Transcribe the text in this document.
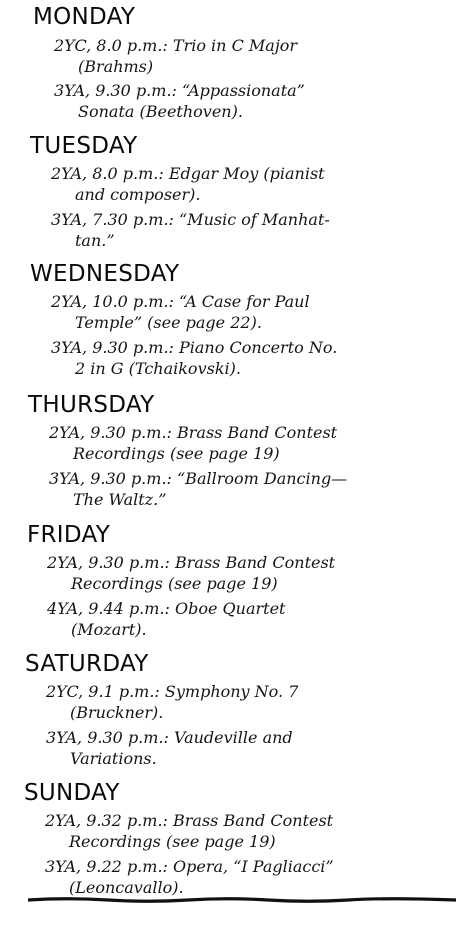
MONDAY
2YC, 8.0 p.m.: Trio in C Major
(Brahms)
3YA, 9.30 p.m.: “Appassionata”
Sonata (Beethoven).
TUESDAY
2YA, 8.0 p.m.: Edgar Moy (pianist
and composer).
3YA, 7.30 p.m.: “Music of Manhat-
tan.”
WEDNESDAY
2YA, 10.0 p.m.: “A Case for Paul
Temple” (see page 22).
3YA, 9.30 p.m.: Piano Concerto No.
2 in G (Tchaikovski).
THURSDAY
2YA, 9.30 p.m.: Brass Band Contest
Recordings (see page 19)
3YA, 9.30 p.m.: “Ballroom Dancing—
The Waltz.”
FRIDAY
2YA, 9.30 p.m.: Brass Band Contest
Recordings (see page 19)
4YA, 9.44 p.m.: Oboe Quartet
(Mozart).
SATURDAY
2YC, 9.1 p.m.: Symphony No. 7
(Bruckner).
3YA, 9.30 p.m.: Vaudeville and
Variations.
SUNDAY
2YA, 9.32 p.m.: Brass Band Contest
Recordings (see page 19)
3YA, 9.22 p.m.: Opera, “I Pagliacci”
(Leoncavallo).
